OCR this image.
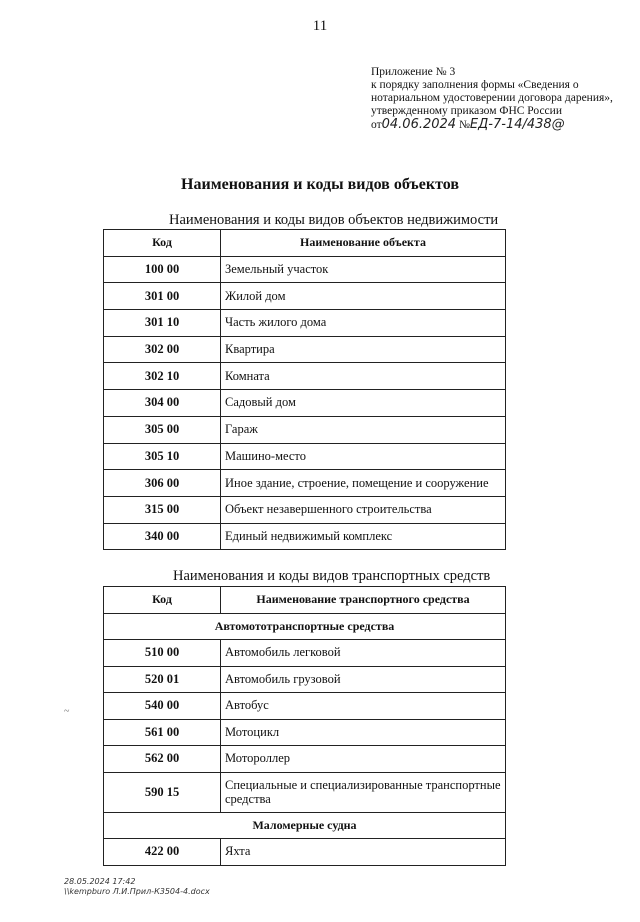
11
Приложение № 3
к порядку заполнения формы «Сведения о
нотариальном удостоверении договора дарения»,
утвержденному приказом ФНС России
от04.06.2024 №ЕД-7-14/438@
Наименования и коды видов объектов
Наименования и коды видов объектов недвижимости
Код	Наименование объекта
100 00	Земельный участок
301 00	Жилой дом
301 10	Часть жилого дома
302 00	Квартира
302 10	Комната
304 00	Садовый дом
305 00	Гараж
305 10	Машино-место
306 00	Иное здание, строение, помещение и сооружение
315 00	Объект незавершенного строительства
340 00	Единый недвижимый комплекс
Наименования и коды видов транспортных средств
Код	Наименование транспортного средства
Автомототранспортные средства	
510 00	Автомобиль легковой
520 01	Автомобиль грузовой
540 00	Автобус
561 00	Мотоцикл
562 00	Мотороллер
590 15	Специальные и специализированные транспортные средства
Маломерные судна	
422 00	Яхта
~
28.05.2024 17:42
\\kempburo Л.И.Прил-К3504-4.docx
